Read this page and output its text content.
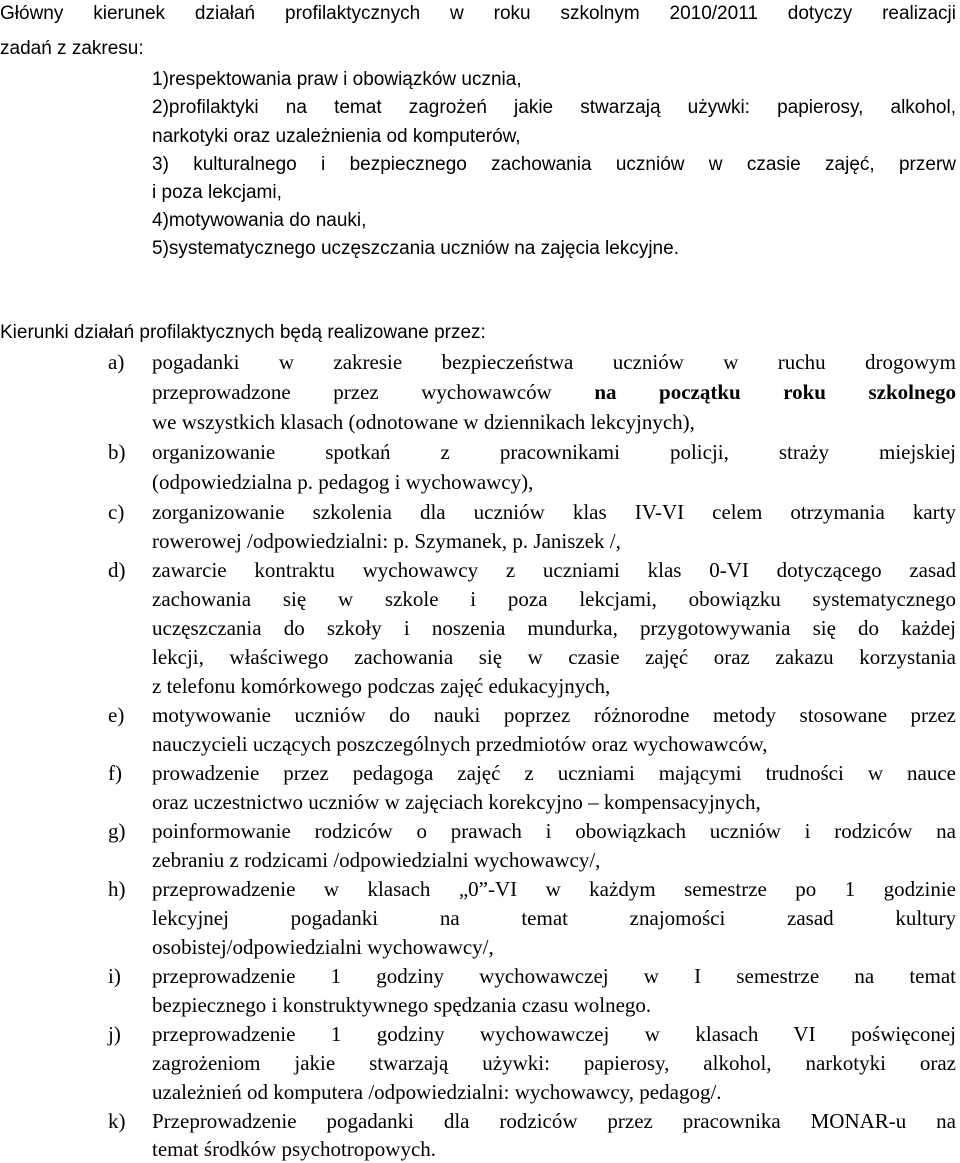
Główny kierunek działań profilaktycznych w roku szkolnym 2010/2011 dotyczy realizacji
zadań z zakresu:
1)respektowania praw i obowiązków ucznia,
2)profilaktyki na temat zagrożeń jakie stwarzają używki: papierosy, alkohol,
narkotyki oraz uzależnienia od komputerów,
3) kulturalnego i bezpiecznego zachowania uczniów w czasie zajęć, przerw
i poza lekcjami,
4)motywowania do nauki,
5)systematycznego uczęszczania uczniów na zajęcia lekcyjne.
Kierunki działań profilaktycznych będą realizowane przez:
a) pogadanki w zakresie bezpieczeństwa uczniów w ruchu drogowym
przeprowadzone przez wychowawców na początku roku szkolnego
we wszystkich klasach (odnotowane w dziennikach lekcyjnych),
b) organizowanie spotkań z pracownikami policji, straży miejskiej
(odpowiedzialna p. pedagog i wychowawcy),
c) zorganizowanie szkolenia dla uczniów klas IV-VI celem otrzymania karty
rowerowej /odpowiedzialni: p. Szymanek, p. Janiszek /,
d) zawarcie kontraktu wychowawcy z uczniami klas 0-VI dotyczącego zasad
zachowania się w szkole i poza lekcjami, obowiązku systematycznego
uczęszczania do szkoły i noszenia mundurka, przygotowywania się do każdej
lekcji, właściwego zachowania się w czasie zajęć oraz zakazu korzystania
z telefonu komórkowego podczas zajęć edukacyjnych,
e) motywowanie uczniów do nauki poprzez różnorodne metody stosowane przez
nauczycieli uczących poszczególnych przedmiotów oraz wychowawców,
f) prowadzenie przez pedagoga zajęć z uczniami mającymi trudności w nauce
oraz uczestnictwo uczniów w zajęciach korekcyjno – kompensacyjnych,
g) poinformowanie rodziców o prawach i obowiązkach uczniów i rodziców na
zebraniu z rodzicami /odpowiedzialni wychowawcy/,
h) przeprowadzenie w klasach „0”-VI w każdym semestrze po 1 godzinie
lekcyjnej pogadanki na temat znajomości zasad kultury
osobistej/odpowiedzialni wychowawcy/,
i) przeprowadzenie 1 godziny wychowawczej w I semestrze na temat
bezpiecznego i konstruktywnego spędzania czasu wolnego.
j) przeprowadzenie 1 godziny wychowawczej w klasach VI poświęconej
zagrożeniom jakie stwarzają używki: papierosy, alkohol, narkotyki oraz
uzależnień od komputera /odpowiedzialni: wychowawcy, pedagog/.
k) Przeprowadzenie pogadanki dla rodziców przez pracownika MONAR-u na
temat środków psychotropowych.
